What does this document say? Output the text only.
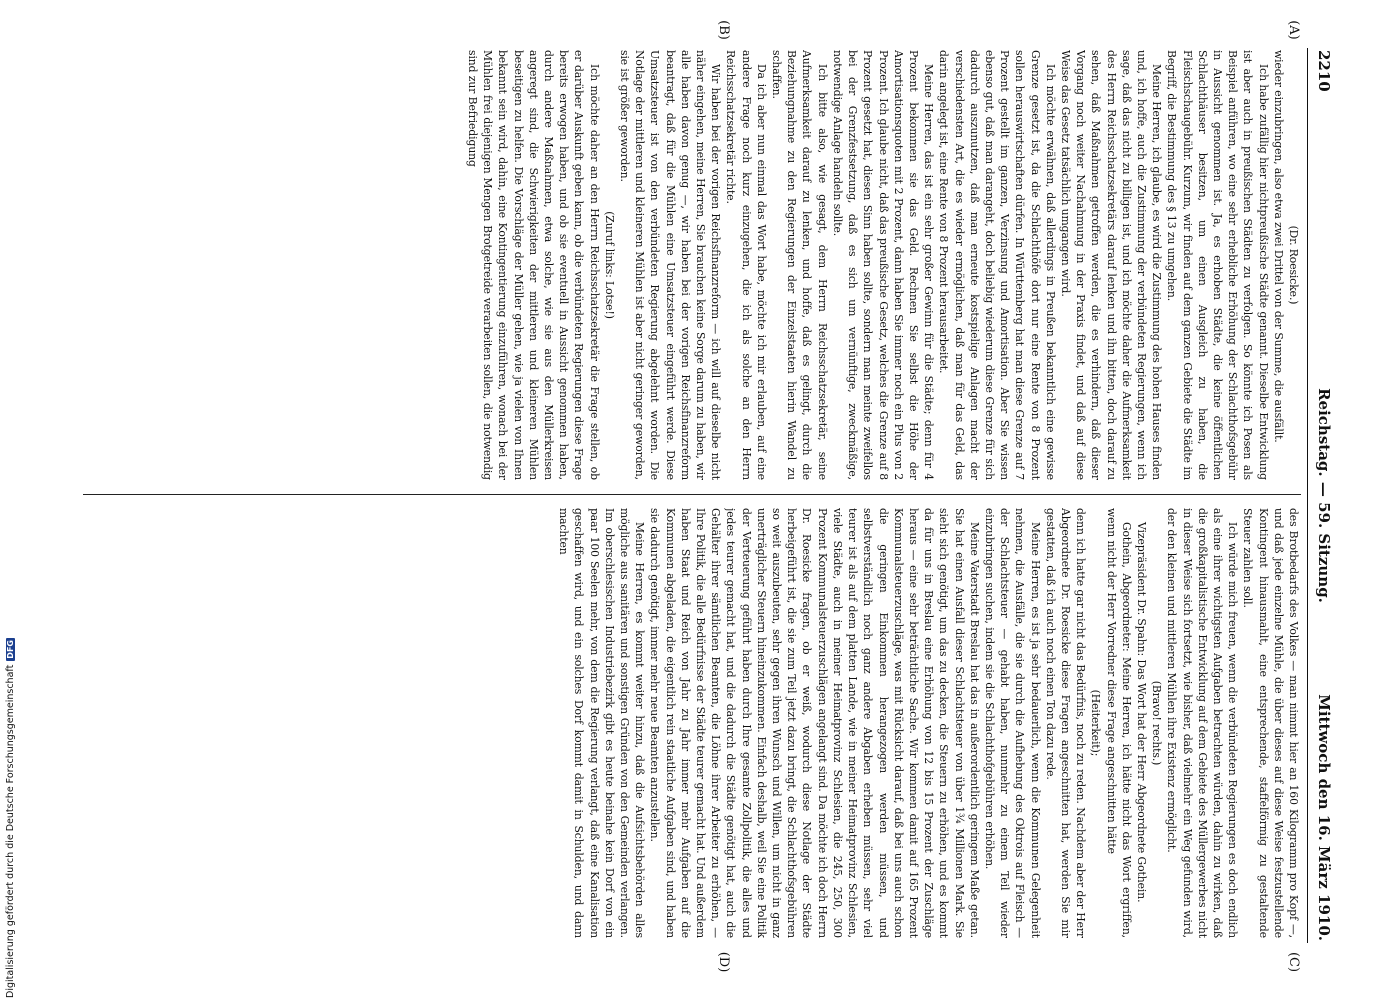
2210
Reichstag. — 59. Sitzung.
Mittwoch den 16. März 1910.
(A)
(B)
(C)
(D)

(Dr. Roesicke.)

wieder einzubringen, also etwa zwei Drittel von der Summe, die ausfällt.

Ich habe zufällig hier nichtpreußische Städte genannt. Dieselbe Entwicklung ist aber auch in preußischen Städten zu verfolgen. So könnte ich Posen als Beispiel anführen, wo eine sehr erhebliche Erhöhung der Schlachthofsgebühr in Aussicht genommen ist. Ja, es erhoben Städte, die keine öffentlichen Schlachthäuser besitzen, um einen Ausgleich zu haben, die Fleischschaugebühr. Kurzum, wir finden auf dem ganzen Gebiete die Städte im Begriff, die Bestimmung des § 13 zu umgehen.

Meine Herren, ich glaube, es wird die Zustimmung des hohen Hauses finden und, ich hoffe, auch die Zustimmung der verbündeten Regierungen, wenn ich sage, daß das nicht zu billigen ist, und ich möchte daher die Aufmerksamkeit des Herrn Reichsschatzsekretärs darauf lenken und ihn bitten, doch darauf zu sehen, daß Maßnahmen getroffen werden, die es verhindern, daß dieser Vorgang noch weiter Nachahmung in der Praxis findet, und daß auf diese Weise das Gesetz tatsächlich umgangen wird.

Ich möchte erwähnen, daß allerdings in Preußen bekanntlich eine gewisse Grenze gesetzt ist, da die Schlachthöfe dort nur eine Rente von 8 Prozent sollen herauswirtschaften dürfen. In Württemberg hat man diese Grenze auf 7 Prozent gestellt im ganzen, Verzinsung und Amortisation. Aber Sie wissen ebenso gut, daß man darangeht, doch beliebig wiederum diese Grenze für sich dadurch auszunutzen, daß man erneute kostspielige Anlagen macht der verschiedensten Art, die es wieder ermöglichen, daß man für das Geld, das darin angelegt ist, eine Rente von 8 Prozent herausarbeitet.

Meine Herren, das ist ein sehr großer Gewinn für die Städte; denn für 4 Prozent bekommen sie das Geld. Rechnen Sie selbst die Höhe der Amortisationsquoten mit 2 Prozent, dann haben Sie immer noch ein Plus von 2 Prozent. Ich glaube nicht, daß das preußische Gesetz, welches die Grenze auf 8 Prozent gesetzt hat, diesen Sinn haben sollte, sondern man meinte zweifellos bei der Grenzfestsetzung, daß es sich um vernünftige, zweckmäßige, notwendige Anlage handeln sollte.

Ich bitte also, wie gesagt, dem Herrn Reichsschatzsekretär, seine Aufmerksamkeit darauf zu lenken, und hoffe, daß es gelingt, durch die Beziehungnahme zu den Regierungen der Einzelstaaten hierin Wandel zu schaffen.

Da ich aber nun einmal das Wort habe, möchte ich mir erlauben, auf eine andere Frage noch kurz einzugehen, die ich als solche an den Herrn Reichsschatzsekretär richte.

Wir haben bei der vorigen Reichsfinanzreform — ich will auf dieselbe nicht näher eingehen, meine Herren, Sie brauchen keine Sorge darum zu haben, wir alle haben davon genug —, wir haben bei der vorigen Reichsfinanzreform beantragt, daß für die Mühlen eine Umsatzsteuer eingeführt werde. Diese Umsatzsteuer ist von den verbündeten Regierung abgelehnt worden. Die Notlage der mittleren und kleineren Mühlen ist aber nicht geringer geworden, sie ist größer geworden.

(Zuruf links: Lotse!)

Ich möchte daher an den Herrn Reichsschatzsekretär die Frage stellen, ob er darüber Auskunft geben kann, ob die verbündeten Regierungen diese Frage bereits erwogen haben, und ob sie eventuell in Aussicht genommen haben, durch andere Maßnahmen, etwa solche, wie sie aus den Müllerkreisen angeregt sind, die Schwierigkeiten der mittleren und kleineren Mühlen beseitigen zu helfen. Die Vorschläge der Müller gehen, wie ja vielen von Ihnen bekannt sein wird, dahin, eine Kontingentierung einzuführen, wonach bei der Mühlen frei diejenigen Mengen Brotgetreide verarbeiten sollen, die notwendig sind zur Befriedigung

des Brotbedarfs des Volkes — man nimmt hier an 160 Kilogramm pro Kopf —, und daß jede einzelne Mühle, die über dieses auf diese Weise festzustellende Kontingent hinausmahlt, eine entsprechende, staffelförmig zu gestaltende Steuer zahlen soll.

Ich würde mich freuen, wenn die verbündeten Regierungen es doch endlich als eine ihrer wichtigsten Aufgaben betrachten würden, dahin zu wirken, daß die großkapitalistische Entwicklung auf dem Gebiete des Müllergewerbes nicht in dieser Weise sich fortsetzt, wie bisher, daß vielmehr ein Weg gefunden wird, der den kleinen und mittleren Mühlen ihre Existenz ermöglicht.

(Bravo! rechts.)

Vizepräsident Dr. Spahn: Das Wort hat der Herr Abgeordnete Gothein.

Gothein, Abgeordneter: Meine Herren, ich hätte nicht das Wort ergriffen, wenn nicht der Herr Vorredner diese Frage angeschnitten hätte

(Heiterkeit);

denn ich hatte gar nicht das Bedürfnis, noch zu reden. Nachdem aber der Herr Abgeordnete Dr. Roesicke diese Fragen angeschnitten hat, werden Sie mir gestatten, daß ich auch noch einen Ton dazu rede.

Meine Herren, es ist ja sehr bedauerlich, wenn die Kommunen Gelegenheit nehmen, die Ausfälle, die sie durch die Aufhebung des Oktrois auf Fleisch — der Schlachtsteuer — gehabt haben, nunmehr zu einem Teil wieder einzubringen suchen, indem sie die Schlachthofgebühren erhöhen.

Meine Vaterstadt Breslau hat das in außerordentlich geringem Maße getan. Sie hat einen Ausfall dieser Schlachtsteuer von über 1¾ Millionen Mark. Sie sieht sich genötigt, um das zu decken, die Steuern zu erhöhen, und es kommt da für uns in Breslau eine Erhöhung von 12 bis 15 Prozent der Zuschläge heraus — eine sehr beträchtliche Sache. Wir kommen damit auf 165 Prozent Kommunalsteuerzuschläge, was mit Rücksicht darauf, daß bei uns auch schon die geringen Einkommen herangezogen werden müssen, und selbstverständlich noch ganz andere Abgaben erheben müssen, sehr viel teurer ist als auf dem platten Lande, wie in meiner Heimatprovinz Schlesien, viele Städte, auch in meiner Heimatprovinz Schlesien, die 245, 250, 300 Prozent Kommunalsteuerzuschlägen angelangt sind. Da möchte ich doch Herrn Dr. Roesicke fragen, ob er weiß, wodurch diese Notlage der Städte herbeigeführt ist, die sie zum Teil jetzt dazu bringt, die Schlachthofsgebühren so weit auszubeuten, sehr gegen ihren Wunsch und Willen, um nicht in ganz unerträglicher Steuern hineinzukommen. Einfach deshalb, weil Sie eine Politik der Verteuerung geführt haben durch Ihre gesamte Zollpolitik, die alles und jedes teurer gemacht hat, und die dadurch die Städte genötigt hat, auch die Gehälter ihrer sämtlichen Beamten, die Löhne ihrer Arbeiter zu erhöhen, — Ihre Politik, die alle Bedürfnisse der Städte teurer gemacht hat. Und außerdem haben Staat und Reich von Jahr zu Jahr immer mehr Aufgaben auf die Kommunen abgeladen, die eigentlich rein staatliche Aufgaben sind, und haben sie dadurch genötigt, immer mehr neue Beamten anzustellen.

Meine Herren, es kommt weiter hinzu, daß die Aufsichtsbehörden alles mögliche aus sanitären und sonstigen Gründen von den Gemeinden verlangen. Im oberschlesischen Industriebezirk gibt es heute beinahe kein Dorf von ein paar 100 Seelen mehr, von dem die Regierung verlangt, daß eine Kanalisation geschaffen wird, und ein solches Dorf kommt damit in Schulden, und dann machten

Digitalisierung gefördert durch die Deutsche Forschungsgemeinschaft
DFG
